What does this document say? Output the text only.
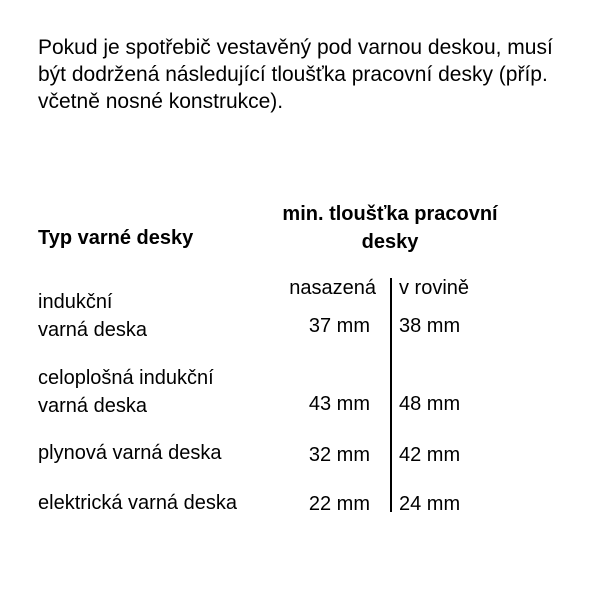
Pokud je spotřebič vestavěný pod varnou deskou, musí být dodržená následující tloušťka pracovní desky (příp. včetně nosné konstrukce).
min. tloušťka pracovní desky
Typ varné desky
nasazená v rovině
indukční
varná deska	37 mm 38 mm
celoplošná indukční
varná deska	43 mm 48 mm
plynová varná deska	32 mm 42 mm
elektrická varná deska	22 mm 24 mm
